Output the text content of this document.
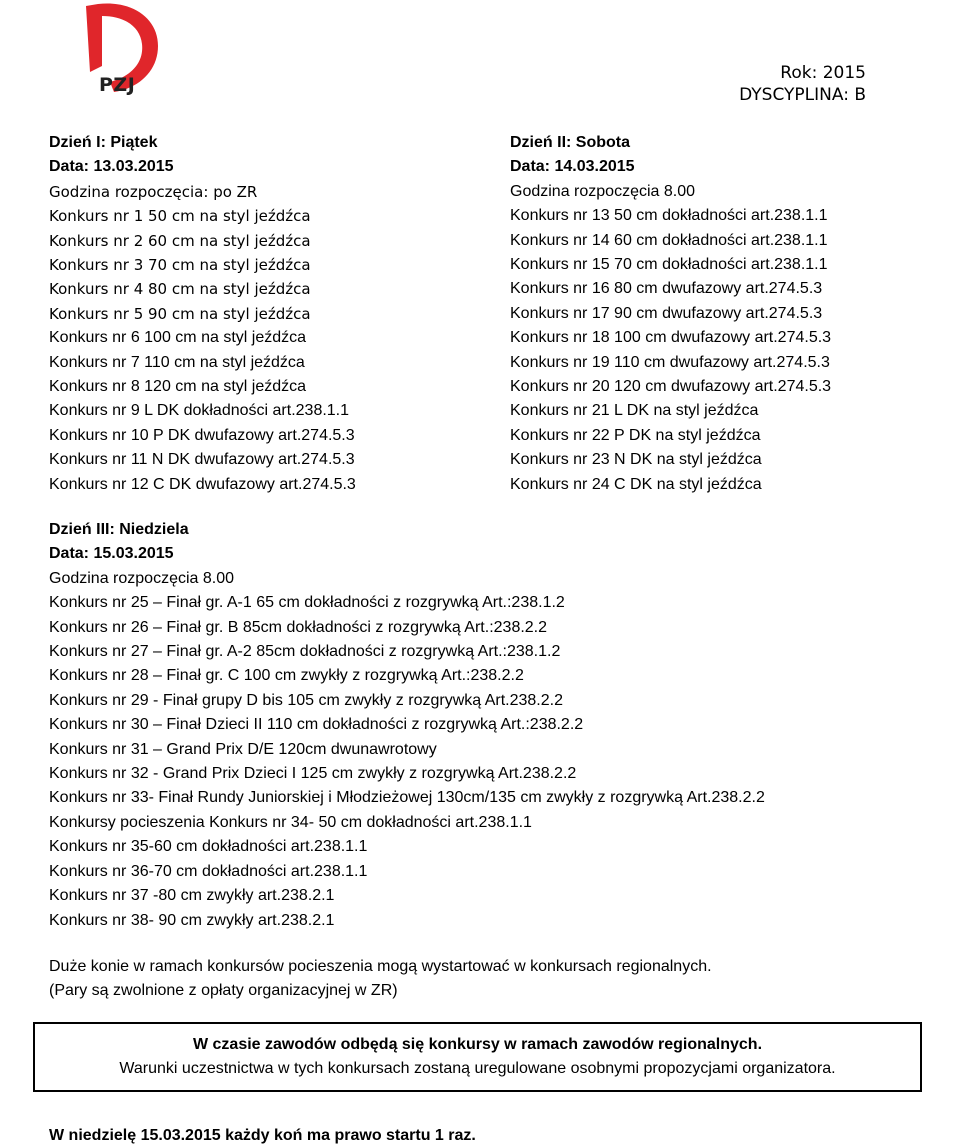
PZJ
Rok: 2015
DYSCYPLINA: B
Dzień I: Piątek
Data: 13.03.2015
Godzina rozpoczęcia: po ZR
Konkurs nr 1 50 cm na styl jeźdźca
Konkurs nr 2 60 cm na styl jeźdźca
Konkurs nr 3 70 cm na styl jeźdźca
Konkurs nr 4 80 cm na styl jeźdźca
Konkurs nr 5 90 cm na styl jeźdźca
Konkurs nr 6 100 cm na styl jeźdźca
Konkurs nr 7 110 cm na styl jeźdźca
Konkurs nr 8 120 cm na styl jeźdźca
Konkurs nr 9 L DK dokładności art.238.1.1
Konkurs nr 10 P DK dwufazowy art.274.5.3
Konkurs nr 11 N DK dwufazowy art.274.5.3
Konkurs nr 12 C DK dwufazowy art.274.5.3
Dzień II: Sobota
Data: 14.03.2015
Godzina rozpoczęcia 8.00
Konkurs nr 13 50 cm dokładności art.238.1.1
Konkurs nr 14 60 cm dokładności art.238.1.1
Konkurs nr 15 70 cm dokładności art.238.1.1
Konkurs nr 16 80 cm dwufazowy art.274.5.3
Konkurs nr 17 90 cm dwufazowy art.274.5.3
Konkurs nr 18 100 cm dwufazowy art.274.5.3
Konkurs nr 19 110 cm dwufazowy art.274.5.3
Konkurs nr 20 120 cm dwufazowy art.274.5.3
Konkurs nr 21 L DK na styl jeźdźca
Konkurs nr 22 P DK na styl jeźdźca
Konkurs nr 23 N DK na styl jeźdźca
Konkurs nr 24 C DK na styl jeźdźca
Dzień III: Niedziela
Data: 15.03.2015
Godzina rozpoczęcia 8.00
Konkurs nr 25 – Finał gr. A-1 65 cm dokładności z rozgrywką Art.:238.1.2
Konkurs nr 26 – Finał gr. B 85cm dokładności z rozgrywką Art.:238.2.2
Konkurs nr 27 – Finał gr. A-2 85cm dokładności z rozgrywką Art.:238.1.2
Konkurs nr 28 – Finał gr. C 100 cm zwykły z rozgrywką Art.:238.2.2
Konkurs nr 29 - Finał grupy D bis 105 cm zwykły z rozgrywką Art.238.2.2
Konkurs nr 30 – Finał Dzieci II 110 cm dokładności z rozgrywką Art.:238.2.2
Konkurs nr 31 – Grand Prix D/E 120cm dwunawrotowy
Konkurs nr 32 - Grand Prix Dzieci I 125 cm zwykły z rozgrywką Art.238.2.2
Konkurs nr 33- Finał Rundy Juniorskiej i Młodzieżowej 130cm/135 cm zwykły z rozgrywką Art.238.2.2
Konkursy pocieszenia Konkurs nr 34- 50 cm dokładności art.238.1.1
Konkurs nr 35-60 cm dokładności art.238.1.1
Konkurs nr 36-70 cm dokładności art.238.1.1
Konkurs nr 37 -80 cm zwykły art.238.2.1
Konkurs nr 38- 90 cm zwykły art.238.2.1
Duże konie w ramach konkursów pocieszenia mogą wystartować w konkursach regionalnych.
(Pary są zwolnione z opłaty organizacyjnej w ZR)
W czasie zawodów odbędą się konkursy w ramach zawodów regionalnych.
Warunki uczestnictwa w tych konkursach zostaną uregulowane osobnymi propozycjami organizatora.
W niedzielę 15.03.2015 każdy koń ma prawo startu 1 raz.
